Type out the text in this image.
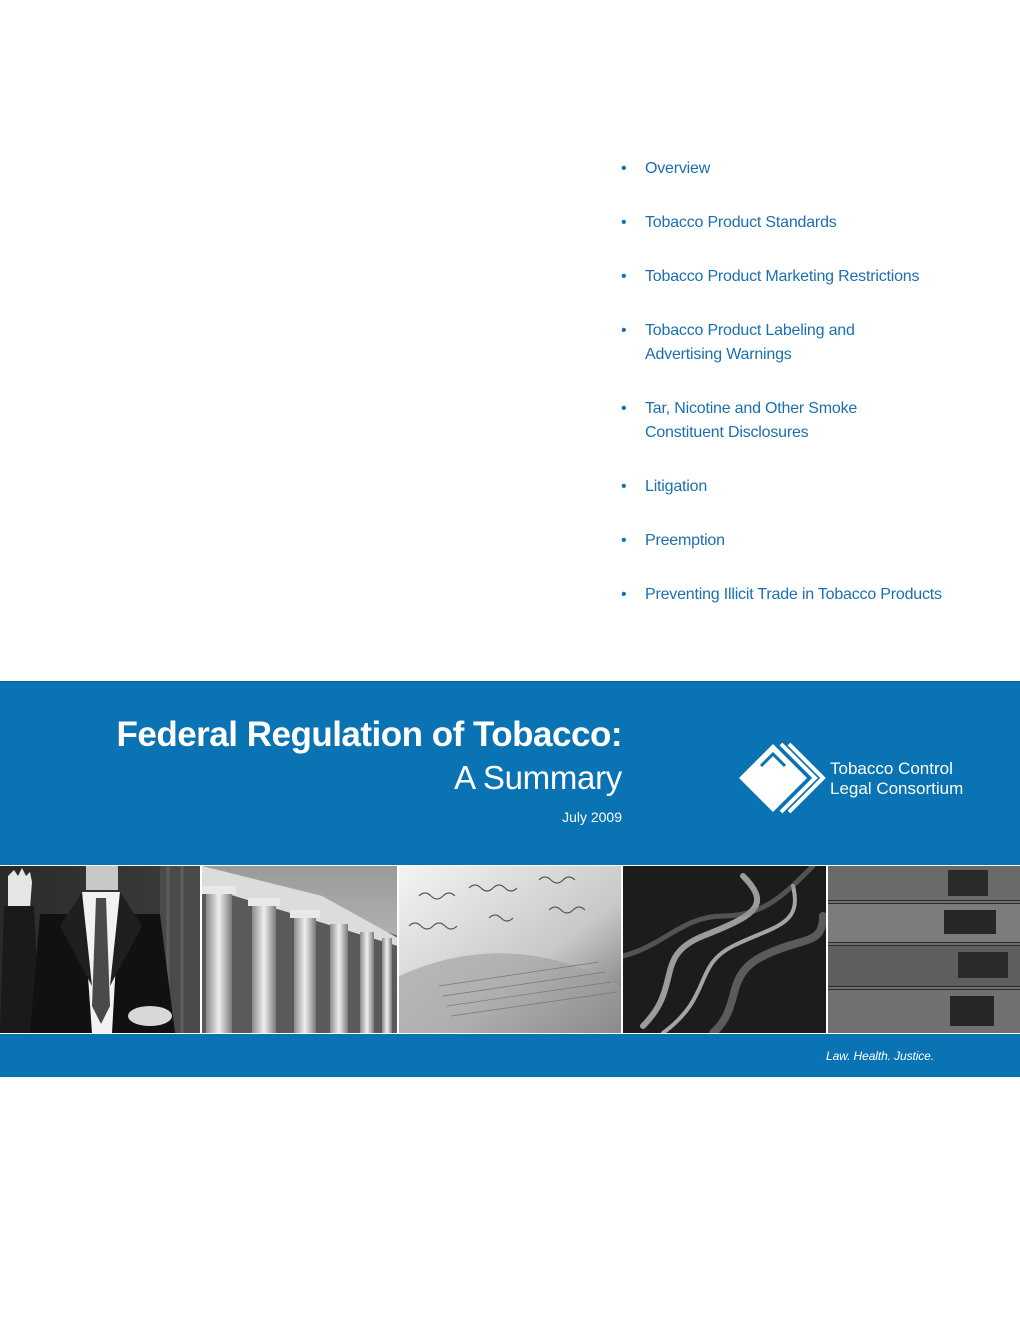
• Overview
• Tobacco Product Standards
• Tobacco Product Marketing Restrictions
• Tobacco Product Labeling and
Advertising Warnings
• Tar, Nicotine and Other Smoke
Constituent Disclosures
• Litigation
• Preemption
• Preventing Illicit Trade in Tobacco Products
Federal Regulation of Tobacco:
A Summary
July 2009
Tobacco Control
Legal Consortium
Law. Health. Justice.
